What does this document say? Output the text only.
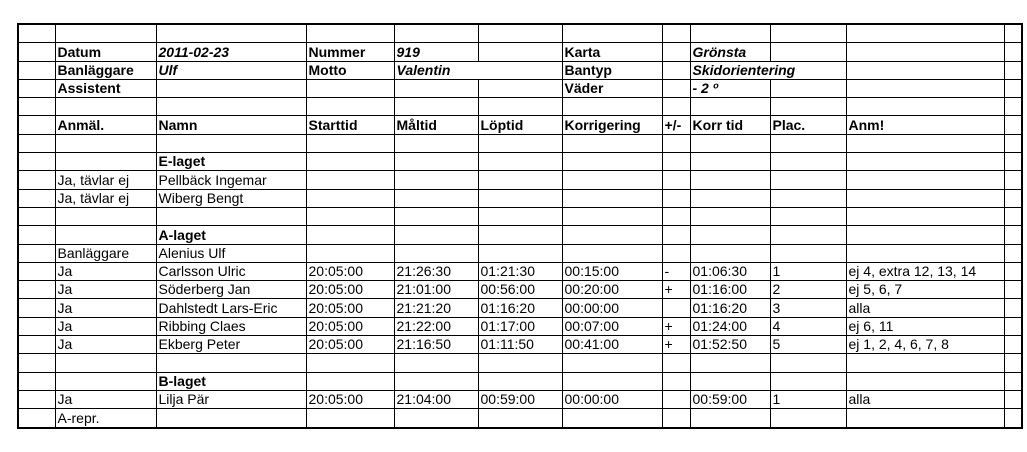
	Datum	2011-02-23	Nummer	919		Karta		Grönsta			
	Banläggare	Ulf	Motto	Valentin		Bantyp		Skidorientering			
	Assistent					Väder		- 2 º			

	Anmäl.	Namn	Starttid	Måltid	Löptid	Korrigering	+/-	Korr tid	Plac.	Anm!	

		E-laget									
	Ja, tävlar ej	Pellbäck Ingemar									
	Ja, tävlar ej	Wiberg Bengt									

		A-laget									
	Banläggare	Alenius Ulf									
	Ja	Carlsson Ulric	20:05:00	21:26:30	01:21:30	00:15:00	-	01:06:30	1	ej 4, extra 12, 13, 14	
	Ja	Söderberg Jan	20:05:00	21:01:00	00:56:00	00:20:00	+	01:16:00	2	ej 5, 6, 7	
	Ja	Dahlstedt Lars-Eric	20:05:00	21:21:20	01:16:20	00:00:00		01:16:20	3	alla	
	Ja	Ribbing Claes	20:05:00	21:22:00	01:17:00	00:07:00	+	01:24:00	4	ej 6, 11	
	Ja	Ekberg Peter	20:05:00	21:16:50	01:11:50	00:41:00	+	01:52:50	5	ej 1, 2, 4, 6, 7, 8	

		B-laget									
	Ja	Lilja Pär	20:05:00	21:04:00	00:59:00	00:00:00		00:59:00	1	alla	
	A-repr.										
